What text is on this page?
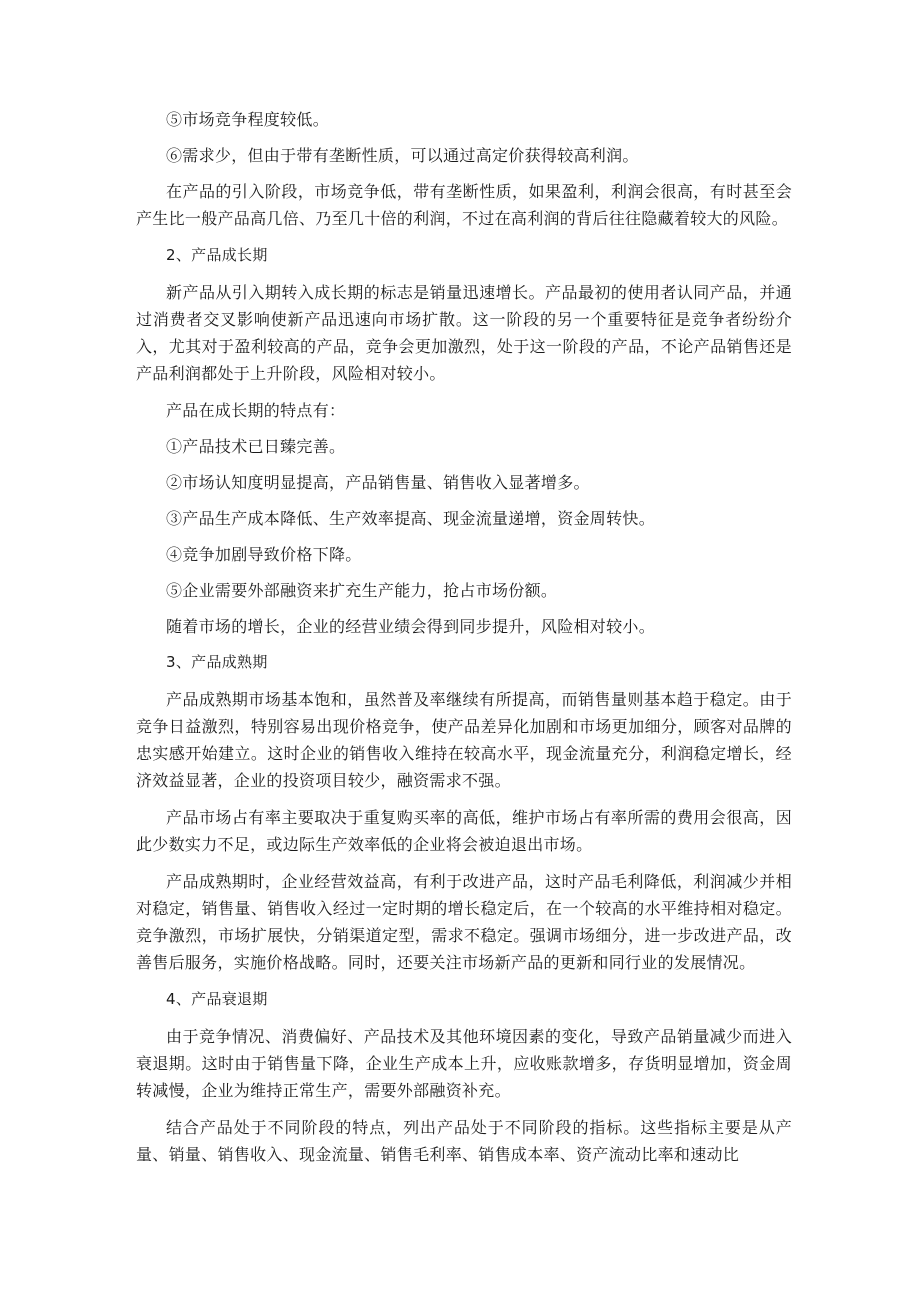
⑤市场竞争程度较低。

⑥需求少，但由于带有垄断性质，可以通过高定价获得较高利润。

在产品的引入阶段，市场竞争低，带有垄断性质，如果盈利，利润会很高，有时甚至会产生比一般产品高几倍、乃至几十倍的利润，不过在高利润的背后往往隐藏着较大的风险。

2、产品成长期

新产品从引入期转入成长期的标志是销量迅速增长。产品最初的使用者认同产品，并通过消费者交叉影响使新产品迅速向市场扩散。这一阶段的另一个重要特征是竞争者纷纷介入，尤其对于盈利较高的产品，竞争会更加激烈，处于这一阶段的产品，不论产品销售还是产品利润都处于上升阶段，风险相对较小。

产品在成长期的特点有：

①产品技术已日臻完善。

②市场认知度明显提高，产品销售量、销售收入显著增多。

③产品生产成本降低、生产效率提高、现金流量递增，资金周转快。

④竞争加剧导致价格下降。

⑤企业需要外部融资来扩充生产能力，抢占市场份额。

随着市场的增长，企业的经营业绩会得到同步提升，风险相对较小。

3、产品成熟期

产品成熟期市场基本饱和，虽然普及率继续有所提高，而销售量则基本趋于稳定。由于竞争日益激烈，特别容易出现价格竞争，使产品差异化加剧和市场更加细分，顾客对品牌的忠实感开始建立。这时企业的销售收入维持在较高水平，现金流量充分，利润稳定增长，经济效益显著，企业的投资项目较少，融资需求不强。

产品市场占有率主要取决于重复购买率的高低，维护市场占有率所需的费用会很高，因此少数实力不足，或边际生产效率低的企业将会被迫退出市场。

产品成熟期时，企业经营效益高，有利于改进产品，这时产品毛利降低，利润减少并相对稳定，销售量、销售收入经过一定时期的增长稳定后，在一个较高的水平维持相对稳定。竞争激烈，市场扩展快，分销渠道定型，需求不稳定。强调市场细分，进一步改进产品，改善售后服务，实施价格战略。同时，还要关注市场新产品的更新和同行业的发展情况。

4、产品衰退期

由于竞争情况、消费偏好、产品技术及其他环境因素的变化，导致产品销量减少而进入衰退期。这时由于销售量下降，企业生产成本上升，应收账款增多，存货明显增加，资金周转减慢，企业为维持正常生产，需要外部融资补充。

结合产品处于不同阶段的特点，列出产品处于不同阶段的指标。这些指标主要是从产量、销量、销售收入、现金流量、销售毛利率、销售成本率、资产流动比率和速动比
